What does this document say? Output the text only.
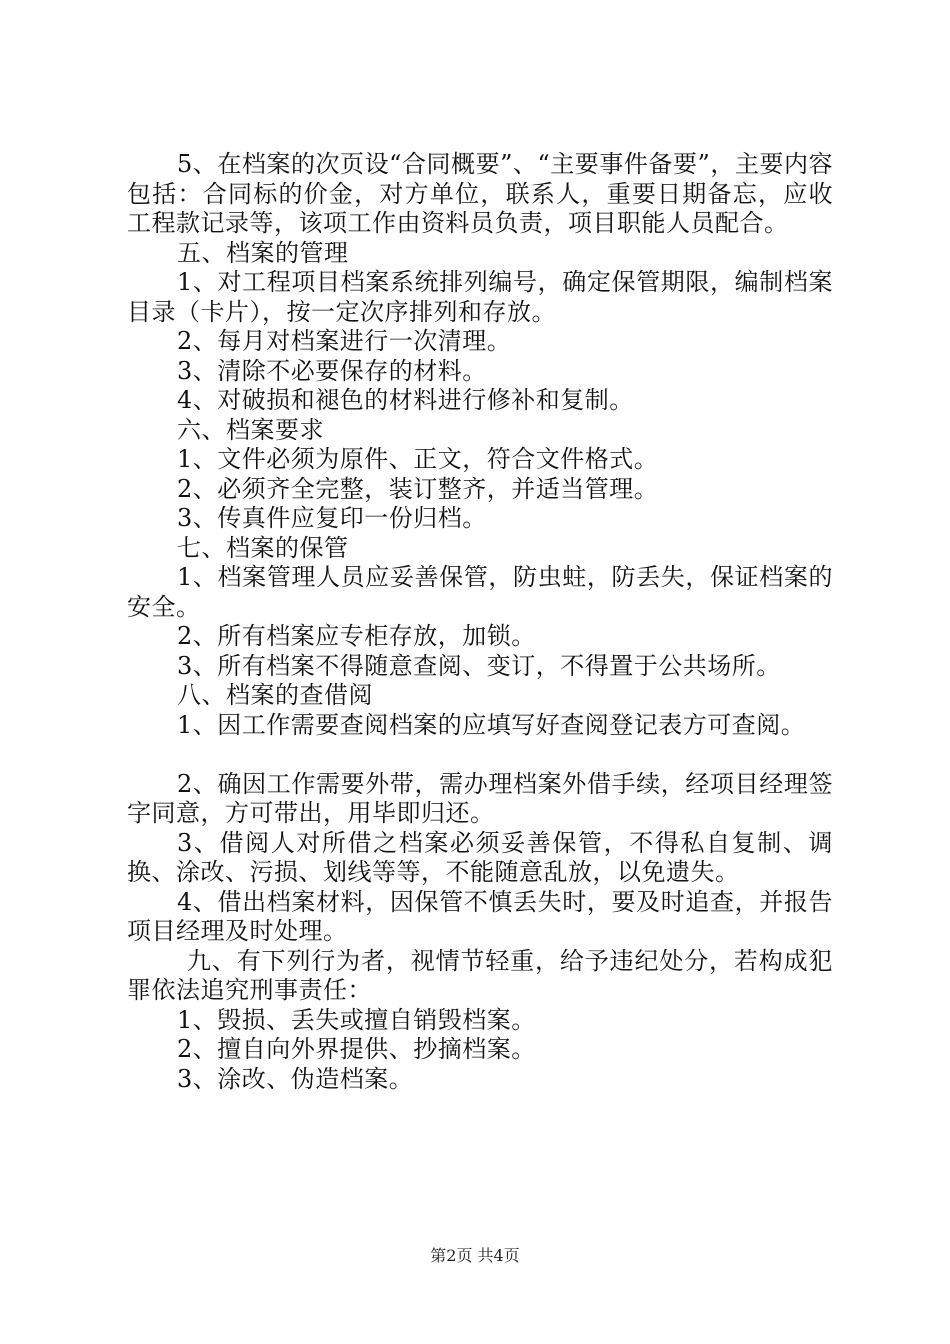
5、在档案的次页设“合同概要”、“主要事件备要”，主要内容包括：合同标的价金，对方单位，联系人，重要日期备忘，应收工程款记录等，该项工作由资料员负责，项目职能人员配合。

五、档案的管理

1、对工程项目档案系统排列编号，确定保管期限，编制档案目录（卡片），按一定次序排列和存放。

2、每月对档案进行一次清理。

3、清除不必要保存的材料。

4、对破损和褪色的材料进行修补和复制。

六、档案要求

1、文件必须为原件、正文，符合文件格式。

2、必须齐全完整，装订整齐，并适当管理。

3、传真件应复印一份归档。

七、档案的保管

1、档案管理人员应妥善保管，防虫蛀，防丢失，保证档案的安全。

2、所有档案应专柜存放，加锁。

3、所有档案不得随意查阅、变订，不得置于公共场所。

八、档案的查借阅

1、因工作需要查阅档案的应填写好查阅登记表方可查阅。

2、确因工作需要外带，需办理档案外借手续，经项目经理签字同意，方可带出，用毕即归还。

3、借阅人对所借之档案必须妥善保管，不得私自复制、调换、涂改、污损、划线等等，不能随意乱放，以免遗失。

4、借出档案材料，因保管不慎丢失时，要及时追查，并报告项目经理及时处理。

九、有下列行为者，视情节轻重，给予违纪处分，若构成犯罪依法追究刑事责任：

1、毁损、丢失或擅自销毁档案。

2、擅自向外界提供、抄摘档案。

3、涂改、伪造档案。

第2页 共4页
